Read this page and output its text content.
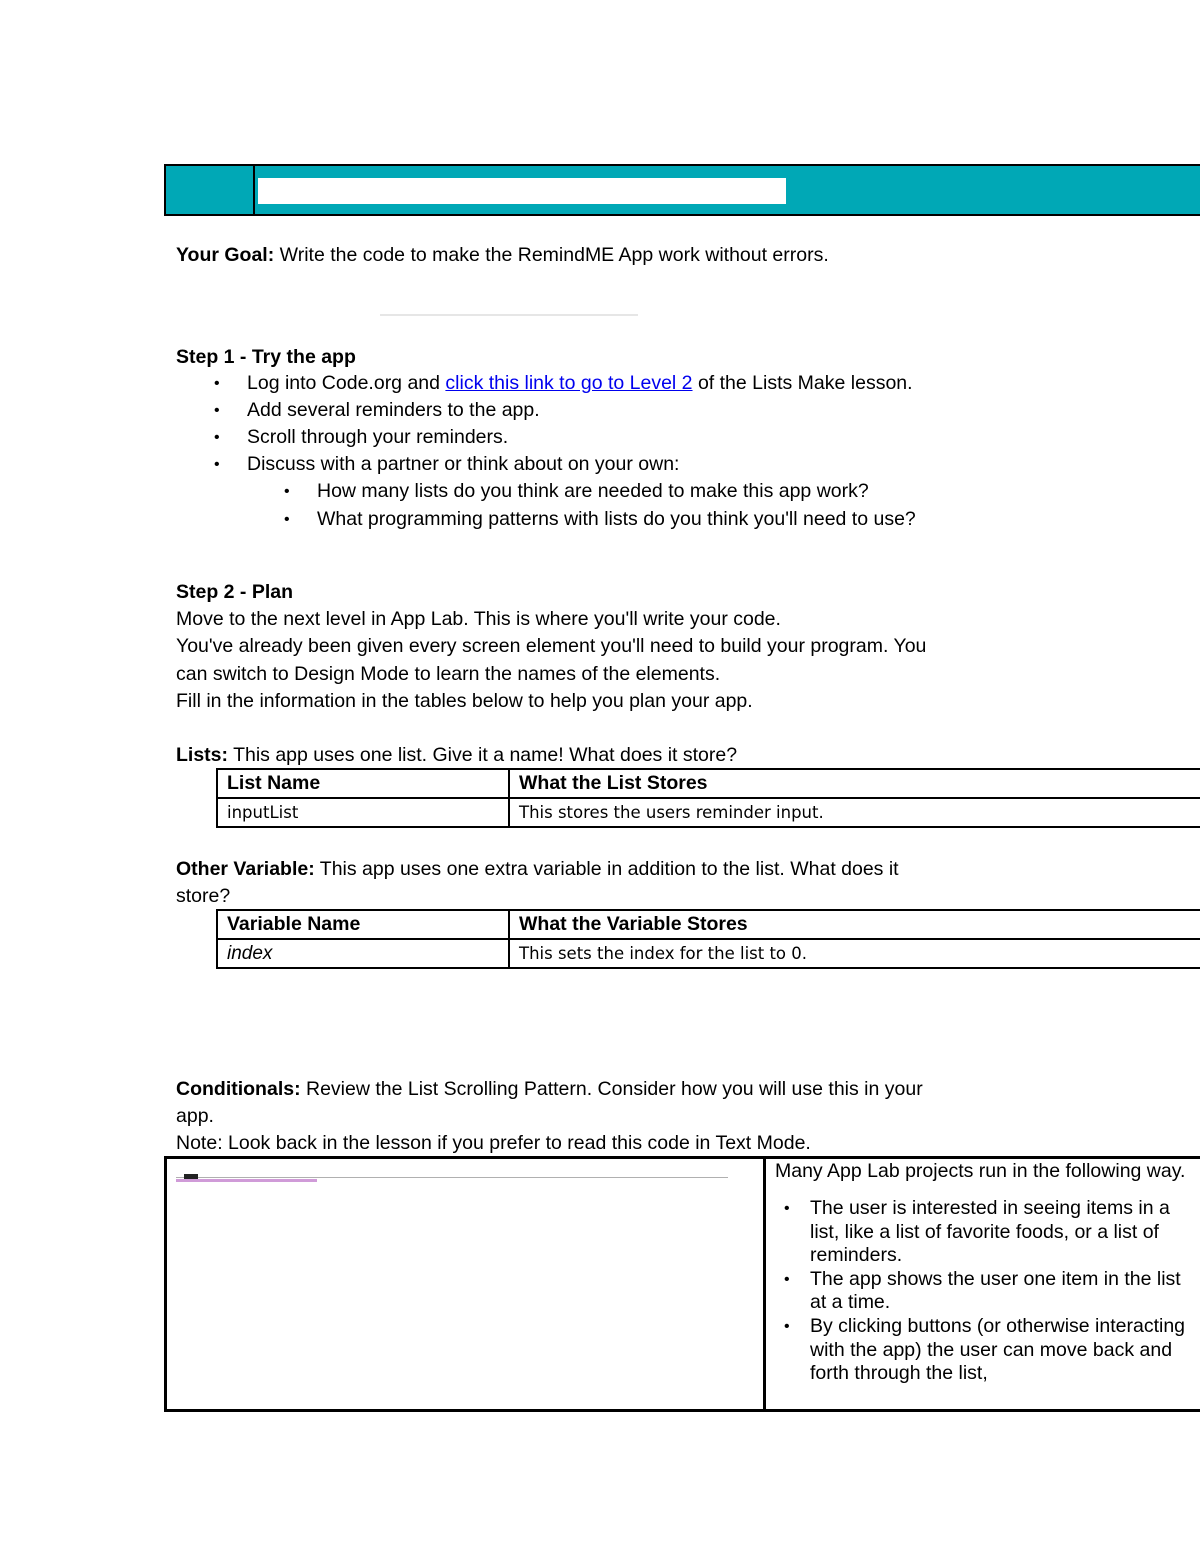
Activity Guide - Lists Make
Your Goal: Write the code to make the RemindME App work without errors.
Step 1 - Try the app
• Log into Code.org and click this link to go to Level 2 of the Lists Make lesson.
• Add several reminders to the app.
• Scroll through your reminders.
• Discuss with a partner or think about on your own:
• How many lists do you think are needed to make this app work?
• What programming patterns with lists do you think you'll need to use?
Step 2 - Plan
Move to the next level in App Lab. This is where you'll write your code.
You've already been given every screen element you'll need to build your program. You
can switch to Design Mode to learn the names of the elements.
Fill in the information in the tables below to help you plan your app.
Lists: This app uses one list. Give it a name! What does it store?
List Name	What the List Stores
inputList	This stores the users reminder input.
Other Variable: This app uses one extra variable in addition to the list. What does it
store?
Variable Name	What the Variable Stores
index	This sets the index for the list to 0.
Conditionals: Review the List Scrolling Pattern. Consider how you will use this in your
app.
Note: Look back in the lesson if you prefer to read this code in Text Mode.
Many App Lab projects run in the following way.
• The user is interested in seeing items in a list, like a list of favorite foods, or a list of reminders.
• The app shows the user one item in the list at a time.
• By clicking buttons (or otherwise interacting with the app) the user can move back and forth through the list,
